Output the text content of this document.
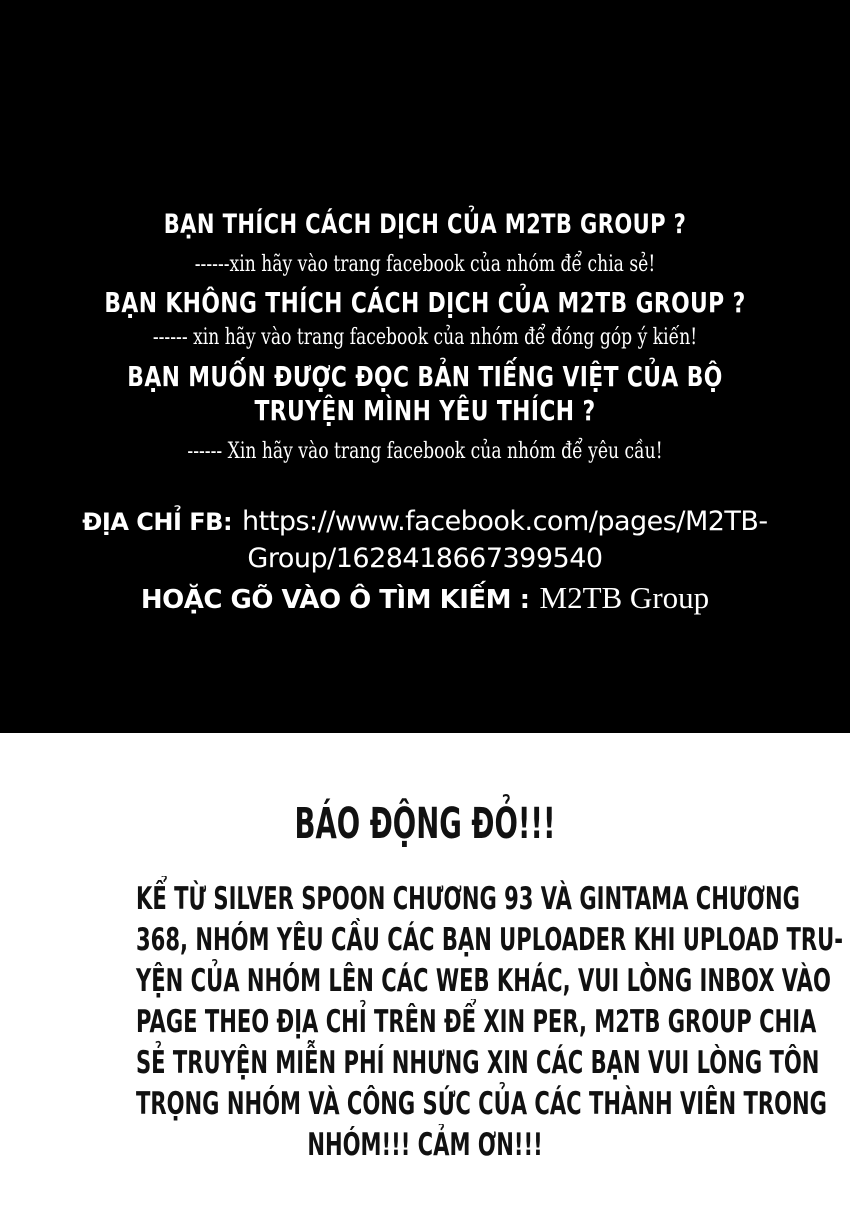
BẠN THÍCH CÁCH DỊCH CỦA M2TB GROUP ?
------xin hãy vào trang facebook của nhóm để chia sẻ!
BẠN KHÔNG THÍCH CÁCH DỊCH CỦA M2TB GROUP ?
------ xin hãy vào trang facebook của nhóm để đóng góp ý kiến!
BẠN MUỐN ĐƯỢC ĐỌC BẢN TIẾNG VIỆT CỦA BỘ
TRUYỆN MÌNH YÊU THÍCH ?
------ Xin hãy vào trang facebook của nhóm để yêu cầu!
ĐỊA CHỈ FB: https://www.facebook.com/pages/M2TB-
Group/1628418667399540
HOẶC GÕ VÀO Ô TÌM KIẾM : M2TB Group
BÁO ĐỘNG ĐỎ!!!
KỂ TỪ SILVER SPOON CHƯƠNG 93 VÀ GINTAMA CHƯƠNG
368, NHÓM YÊU CẦU CÁC BẠN UPLOADER KHI UPLOAD TRU-
YỆN CỦA NHÓM LÊN CÁC WEB KHÁC, VUI LÒNG INBOX VÀO
PAGE THEO ĐỊA CHỈ TRÊN ĐỂ XIN PER, M2TB GROUP CHIA
SẺ TRUYỆN MIỄN PHÍ NHƯNG XIN CÁC BẠN VUI LÒNG TÔN
TRỌNG NHÓM VÀ CÔNG SỨC CỦA CÁC THÀNH VIÊN TRONG
NHÓM!!! CẢM ƠN!!!
